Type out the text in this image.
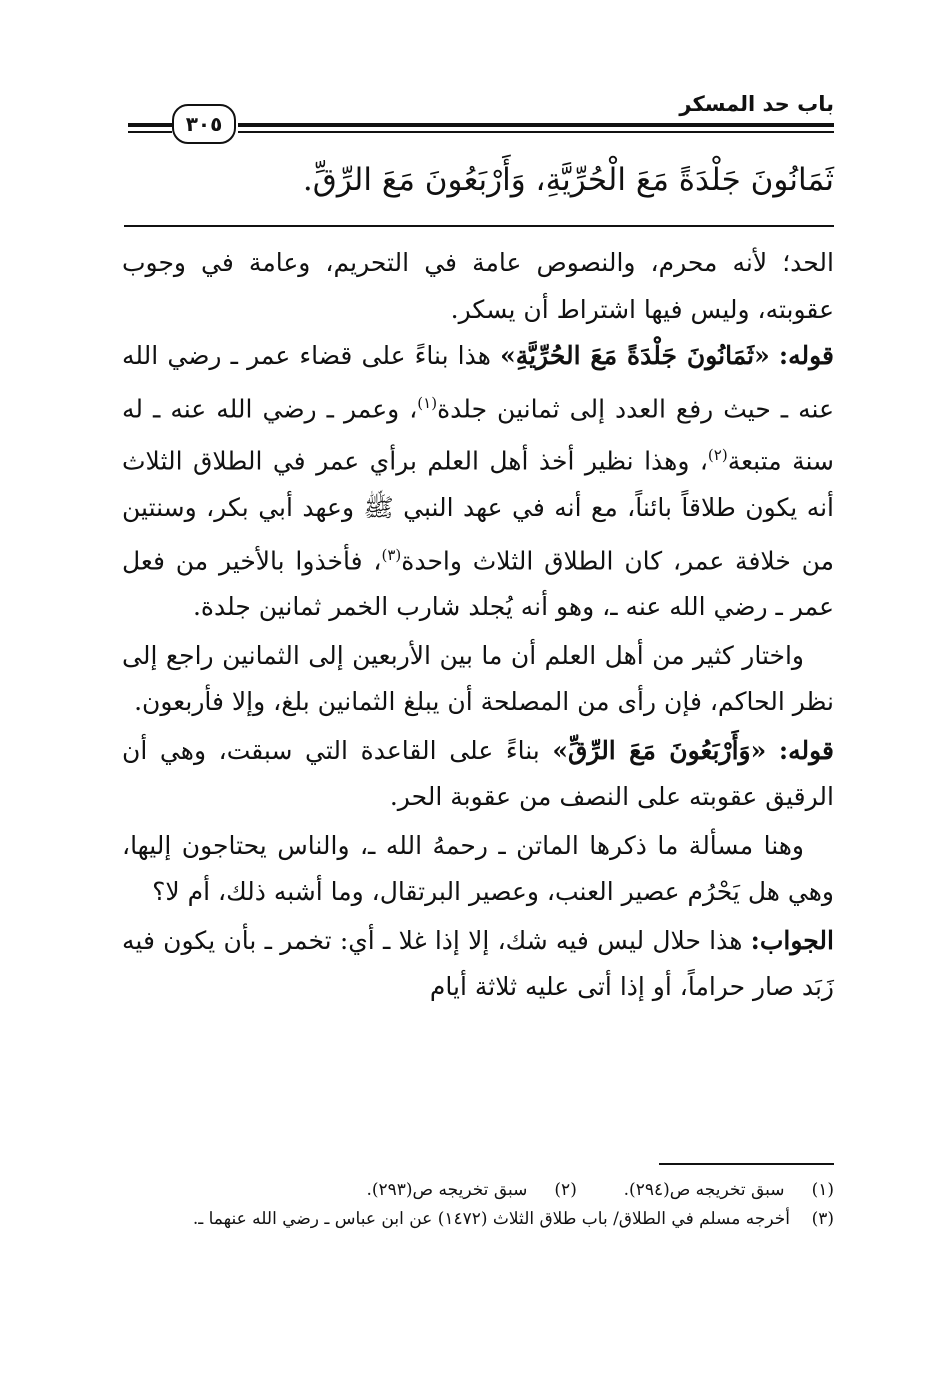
باب حد المسكر
٣٠٥
ثَمَانُونَ جَلْدَةً مَعَ الْحُرِّيَّةِ، وَأَرْبَعُونَ مَعَ الرِّقِّ.

الحد؛ لأنه محرم، والنصوص عامة في التحريم، وعامة في وجوب عقوبته، وليس فيها اشتراط أن يسكر.

قوله: «ثَمَانُونَ جَلْدَةً مَعَ الحُرِّيَّةِ» هذا بناءً على قضاء عمر ـ رضي الله عنه ـ حيث رفع العدد إلى ثمانين جلدة$^{(١)}$، وعمر ـ رضي الله عنه ـ له سنة متبعة$^{(٢)}$، وهذا نظير أخذ أهل العلم برأي عمر في الطلاق الثلاث أنه يكون طلاقاً بائناً، مع أنه في عهد النبي ﷺ وعهد أبي بكر، وسنتين من خلافة عمر، كان الطلاق الثلاث واحدة$^{(٣)}$، فأخذوا بالأخير من فعل عمر ـ رضي الله عنه ـ، وهو أنه يُجلد شارب الخمر ثمانين جلدة.

واختار كثير من أهل العلم أن ما بين الأربعين إلى الثمانين راجع إلى نظر الحاكم، فإن رأى من المصلحة أن يبلغ الثمانين بلغ، وإلا فأربعون.

قوله: «وَأَرْبَعُونَ مَعَ الرِّقِّ» بناءً على القاعدة التي سبقت، وهي أن الرقيق عقوبته على النصف من عقوبة الحر.

وهنا مسألة ما ذكرها الماتن ـ رحمهُ الله ـ، والناس يحتاجون إليها، وهي هل يَحْرُم عصير العنب، وعصير البرتقال، وما أشبه ذلك، أم لا؟

الجواب: هذا حلال ليس فيه شك، إلا إذا غلا ـ أي: تخمر ـ بأن يكون فيه زَبَد صار حراماً، أو إذا أتى عليه ثلاثة أيام

(١)     سبق تخريجه ص(٢٩٤).  (٢)     سبق تخريجه ص(٢٩٣).

(٣)    أخرجه مسلم في الطلاق/ باب طلاق الثلاث (١٤٧٢) عن ابن عباس ـ رضي الله عنهما ـ.
